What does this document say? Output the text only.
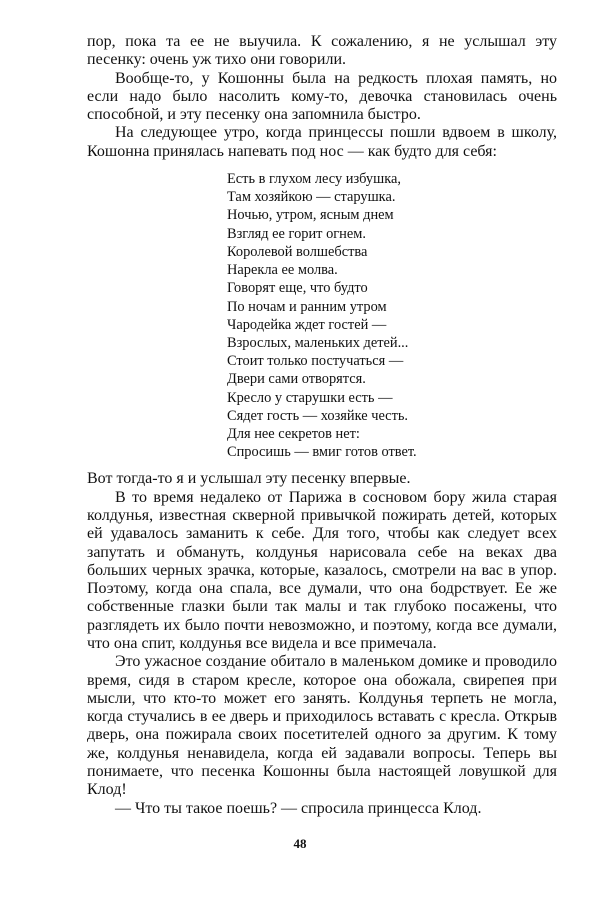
пор, пока та ее не выучила. К сожалению, я не услышал эту песенку: очень уж тихо они говорили.

Вообще-то, у Кошонны была на редкость плохая память, но если надо было насолить кому-то, девочка становилась очень способной, и эту песенку она запомнила быстро.

На следующее утро, когда принцессы пошли вдвоем в школу, Кошонна принялась напевать под нос — как будто для себя:

Есть в глухом лесу избушка,
Там хозяйкою — старушка.
Ночью, утром, ясным днем
Взгляд ее горит огнем.
Королевой волшебства
Нарекла ее молва.
Говорят еще, что будто
По ночам и ранним утром
Чародейка ждет гостей —
Взрослых, маленьких детей...
Стоит только постучаться —
Двери сами отворятся.
Кресло у старушки есть —
Сядет гость — хозяйке честь.
Для нее секретов нет:
Спросишь — вмиг готов ответ.

Вот тогда-то я и услышал эту песенку впервые.

В то время недалеко от Парижа в сосновом бору жила старая колдунья, известная скверной привычкой пожирать детей, которых ей удавалось заманить к себе. Для того, чтобы как следует всех запутать и обмануть, колдунья нарисовала себе на веках два больших черных зрачка, которые, казалось, смотрели на вас в упор. Поэтому, когда она спала, все думали, что она бодрствует. Ее же собственные глазки были так малы и так глубоко посажены, что разглядеть их было почти невозможно, и поэтому, когда все думали, что она спит, колдунья все видела и все примечала.

Это ужасное создание обитало в маленьком домике и проводило время, сидя в старом кресле, которое она обожала, свирепея при мысли, что кто-то может его занять. Колдунья терпеть не могла, когда стучались в ее дверь и приходилось вставать с кресла. Открыв дверь, она пожирала своих посетителей одного за другим. К тому же, колдунья ненавидела, когда ей задавали вопросы. Теперь вы понимаете, что песенка Кошонны была настоящей ловушкой для Клод!

— Что ты такое поешь? — спросила принцесса Клод.

48
